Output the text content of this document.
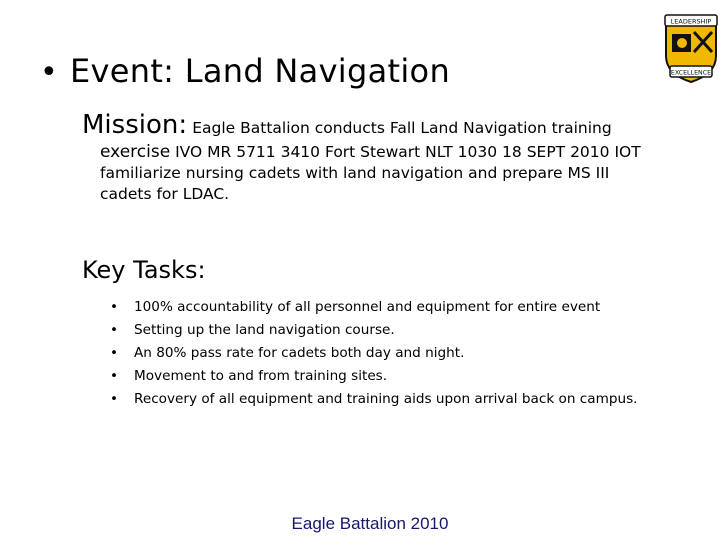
LEADERSHIP
EXCELLENCE
• Event: Land Navigation
Mission: Eagle Battalion conducts Fall Land Navigation training
exercise IVO MR 5711 3410 Fort Stewart NLT 1030 18 SEPT 2010 IOT
familiarize nursing cadets with land navigation and prepare MS III
cadets for LDAC.
Key Tasks:
•	100% accountability of all personnel and equipment for entire event
•	Setting up the land navigation course.
•	An 80% pass rate for cadets both day and night.
•	Movement to and from training sites.
•	Recovery of all equipment and training aids upon arrival back on campus.
Eagle Battalion 2010
